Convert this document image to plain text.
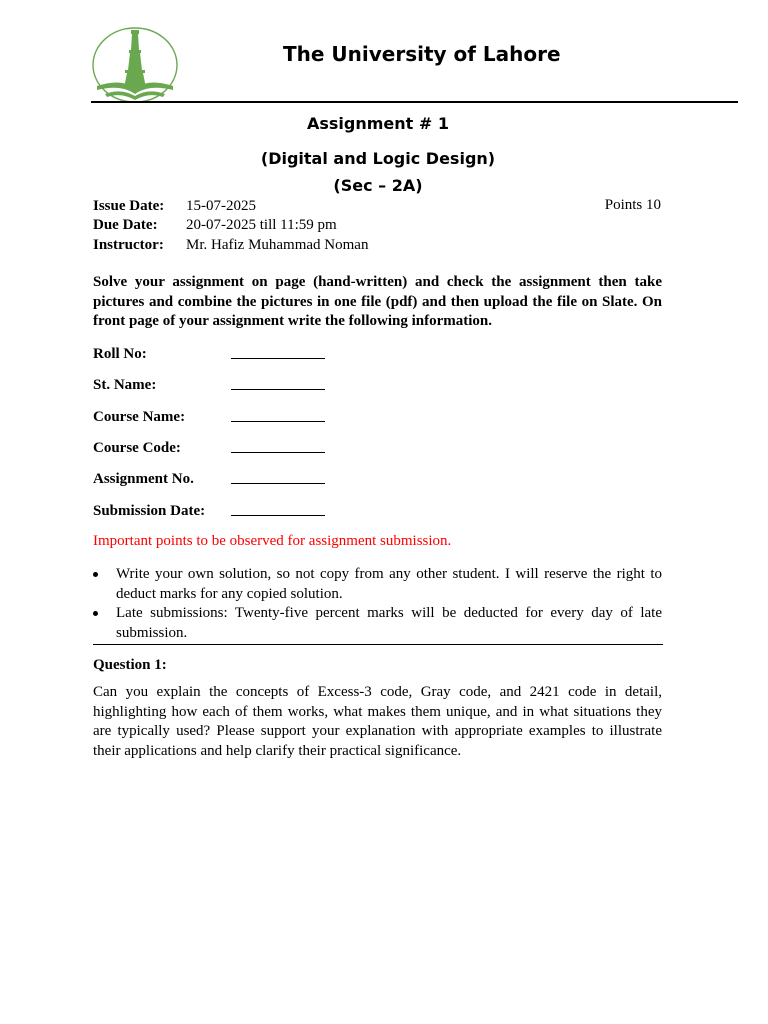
The University of Lahore

Assignment # 1

(Digital and Logic Design)

(Sec – 2A)

Issue Date: 15-07-2025	Points 10
Due Date: 20-07-2025 till 11:59 pm
Instructor: Mr. Hafiz Muhammad Noman

Solve your assignment on page (hand-written) and check the assignment then take pictures and combine the pictures in one file (pdf) and then upload the file on Slate. On front page of your assignment write the following information.

Roll No:
St. Name:
Course Name:
Course Code:
Assignment No.
Submission Date:

Important points to be observed for assignment submission.

Write your own solution, so not copy from any other student. I will reserve the right to deduct marks for any copied solution.
Late submissions: Twenty-five percent marks will be deducted for every day of late submission.

Question 1:

Can you explain the concepts of Excess-3 code, Gray code, and 2421 code in detail, highlighting how each of them works, what makes them unique, and in what situations they are typically used? Please support your explanation with appropriate examples to illustrate their applications and help clarify their practical significance.
